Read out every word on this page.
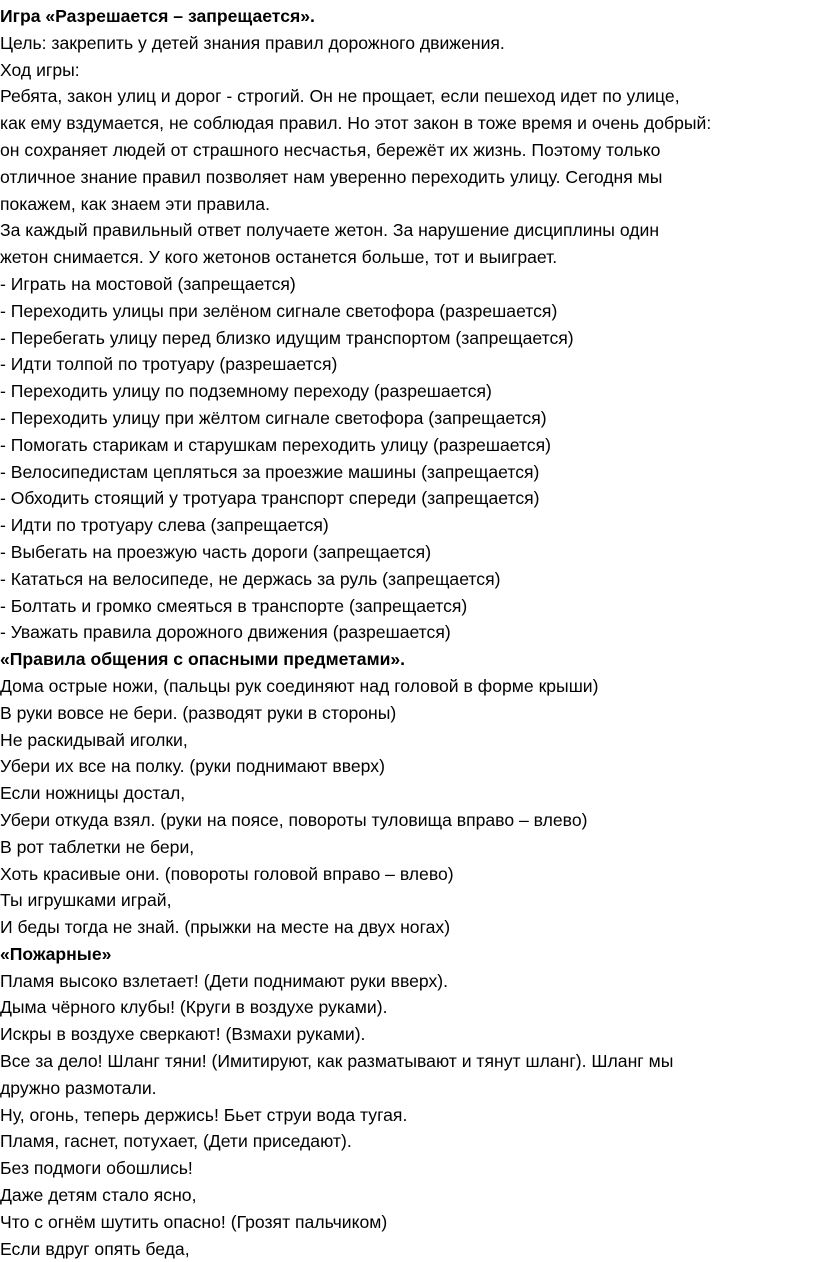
Игра «Разрешается – запрещается».
Цель: закрепить у детей знания правил дорожного движения.
Ход игры:
Ребята, закон улиц и дорог - строгий. Он не прощает, если пешеход идет по улице,
как ему вздумается, не соблюдая правил. Но этот закон в тоже время и очень добрый:
он сохраняет людей от страшного несчастья, бережёт их жизнь. Поэтому только
отличное знание правил позволяет нам уверенно переходить улицу. Сегодня мы
покажем, как знаем эти правила.
За каждый правильный ответ получаете жетон. За нарушение дисциплины один
жетон снимается. У кого жетонов останется больше, тот и выиграет.
- Играть на мостовой (запрещается)
- Переходить улицы при зелёном сигнале светофора (разрешается)
- Перебегать улицу перед близко идущим транспортом (запрещается)
- Идти толпой по тротуару (разрешается)
- Переходить улицу по подземному переходу (разрешается)
- Переходить улицу при жёлтом сигнале светофора (запрещается)
- Помогать старикам и старушкам переходить улицу (разрешается)
- Велосипедистам цепляться за проезжие машины (запрещается)
- Обходить стоящий у тротуара транспорт спереди (запрещается)
- Идти по тротуару слева (запрещается)
- Выбегать на проезжую часть дороги (запрещается)
- Кататься на велосипеде, не держась за руль (запрещается)
- Болтать и громко смеяться в транспорте (запрещается)
- Уважать правила дорожного движения (разрешается)
«Правила общения с опасными предметами».
Дома острые ножи, (пальцы рук соединяют над головой в форме крыши)
В руки вовсе не бери. (разводят руки в стороны)
Не раскидывай иголки,
Убери их все на полку. (руки поднимают вверх)
Если ножницы достал,
Убери откуда взял. (руки на поясе, повороты туловища вправо – влево)
В рот таблетки не бери,
Хоть красивые они. (повороты головой вправо – влево)
Ты игрушками играй,
И беды тогда не знай. (прыжки на месте на двух ногах)
«Пожарные»
Пламя высоко взлетает! (Дети поднимают руки вверх).
Дыма чёрного клубы! (Круги в воздухе руками).
Искры в воздухе сверкают! (Взмахи руками).
Все за дело! Шланг тяни! (Имитируют, как разматывают и тянут шланг). Шланг мы
дружно размотали.
Ну, огонь, теперь держись! Бьет струи вода тугая.
Пламя, гаснет, потухает, (Дети приседают).
Без подмоги обошлись!
Даже детям стало ясно,
Что с огнём шутить опасно! (Грозят пальчиком)
Если вдруг опять беда,
